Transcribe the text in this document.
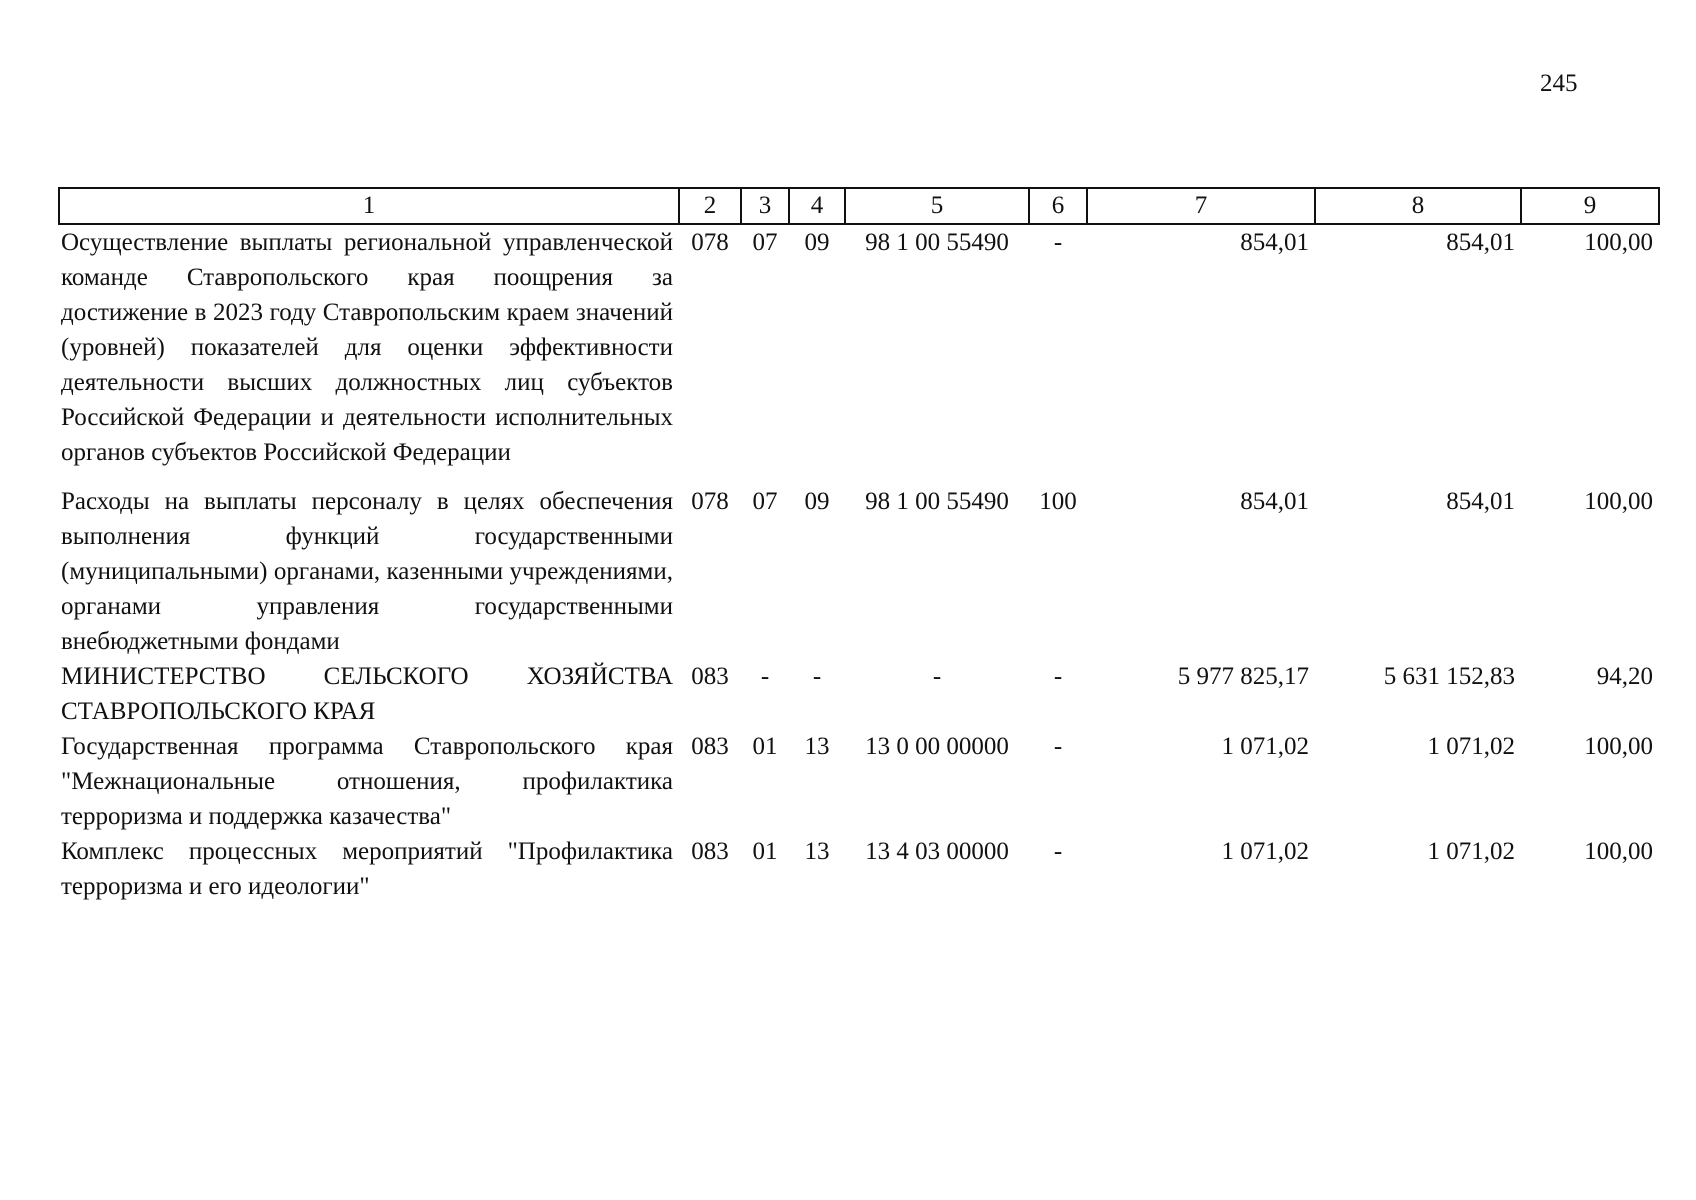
245
1	2	3	4	5	6	7	8	9
Осуществление выплаты региональной управленческой команде Ставропольского края поощрения за достижение в 2023 году Ставропольским краем значений (уровней) показателей для оценки эффективности деятельности высших должностных лиц субъектов Российской Федерации и деятельности исполнительных органов субъектов Российской Федерации	078	07	09	98 1 00 55490	-	854,01	854,01	100,00
Расходы на выплаты персоналу в целях обеспечения выполнения функций государственными (муниципальными) органами, казенными учреждениями, органами управления государственными внебюджетными фондами	078	07	09	98 1 00 55490	100	854,01	854,01	100,00
МИНИСТЕРСТВО СЕЛЬСКОГО ХОЗЯЙСТВА СТАВРОПОЛЬСКОГО КРАЯ	083	-	-	-	-	5 977 825,17	5 631 152,83	94,20
Государственная программа Ставропольского края "Межнациональные отношения, профилактика терроризма и поддержка казачества"	083	01	13	13 0 00 00000	-	1 071,02	1 071,02	100,00
Комплекс процессных мероприятий "Профилактика терроризма и его идеологии"	083	01	13	13 4 03 00000	-	1 071,02	1 071,02	100,00
